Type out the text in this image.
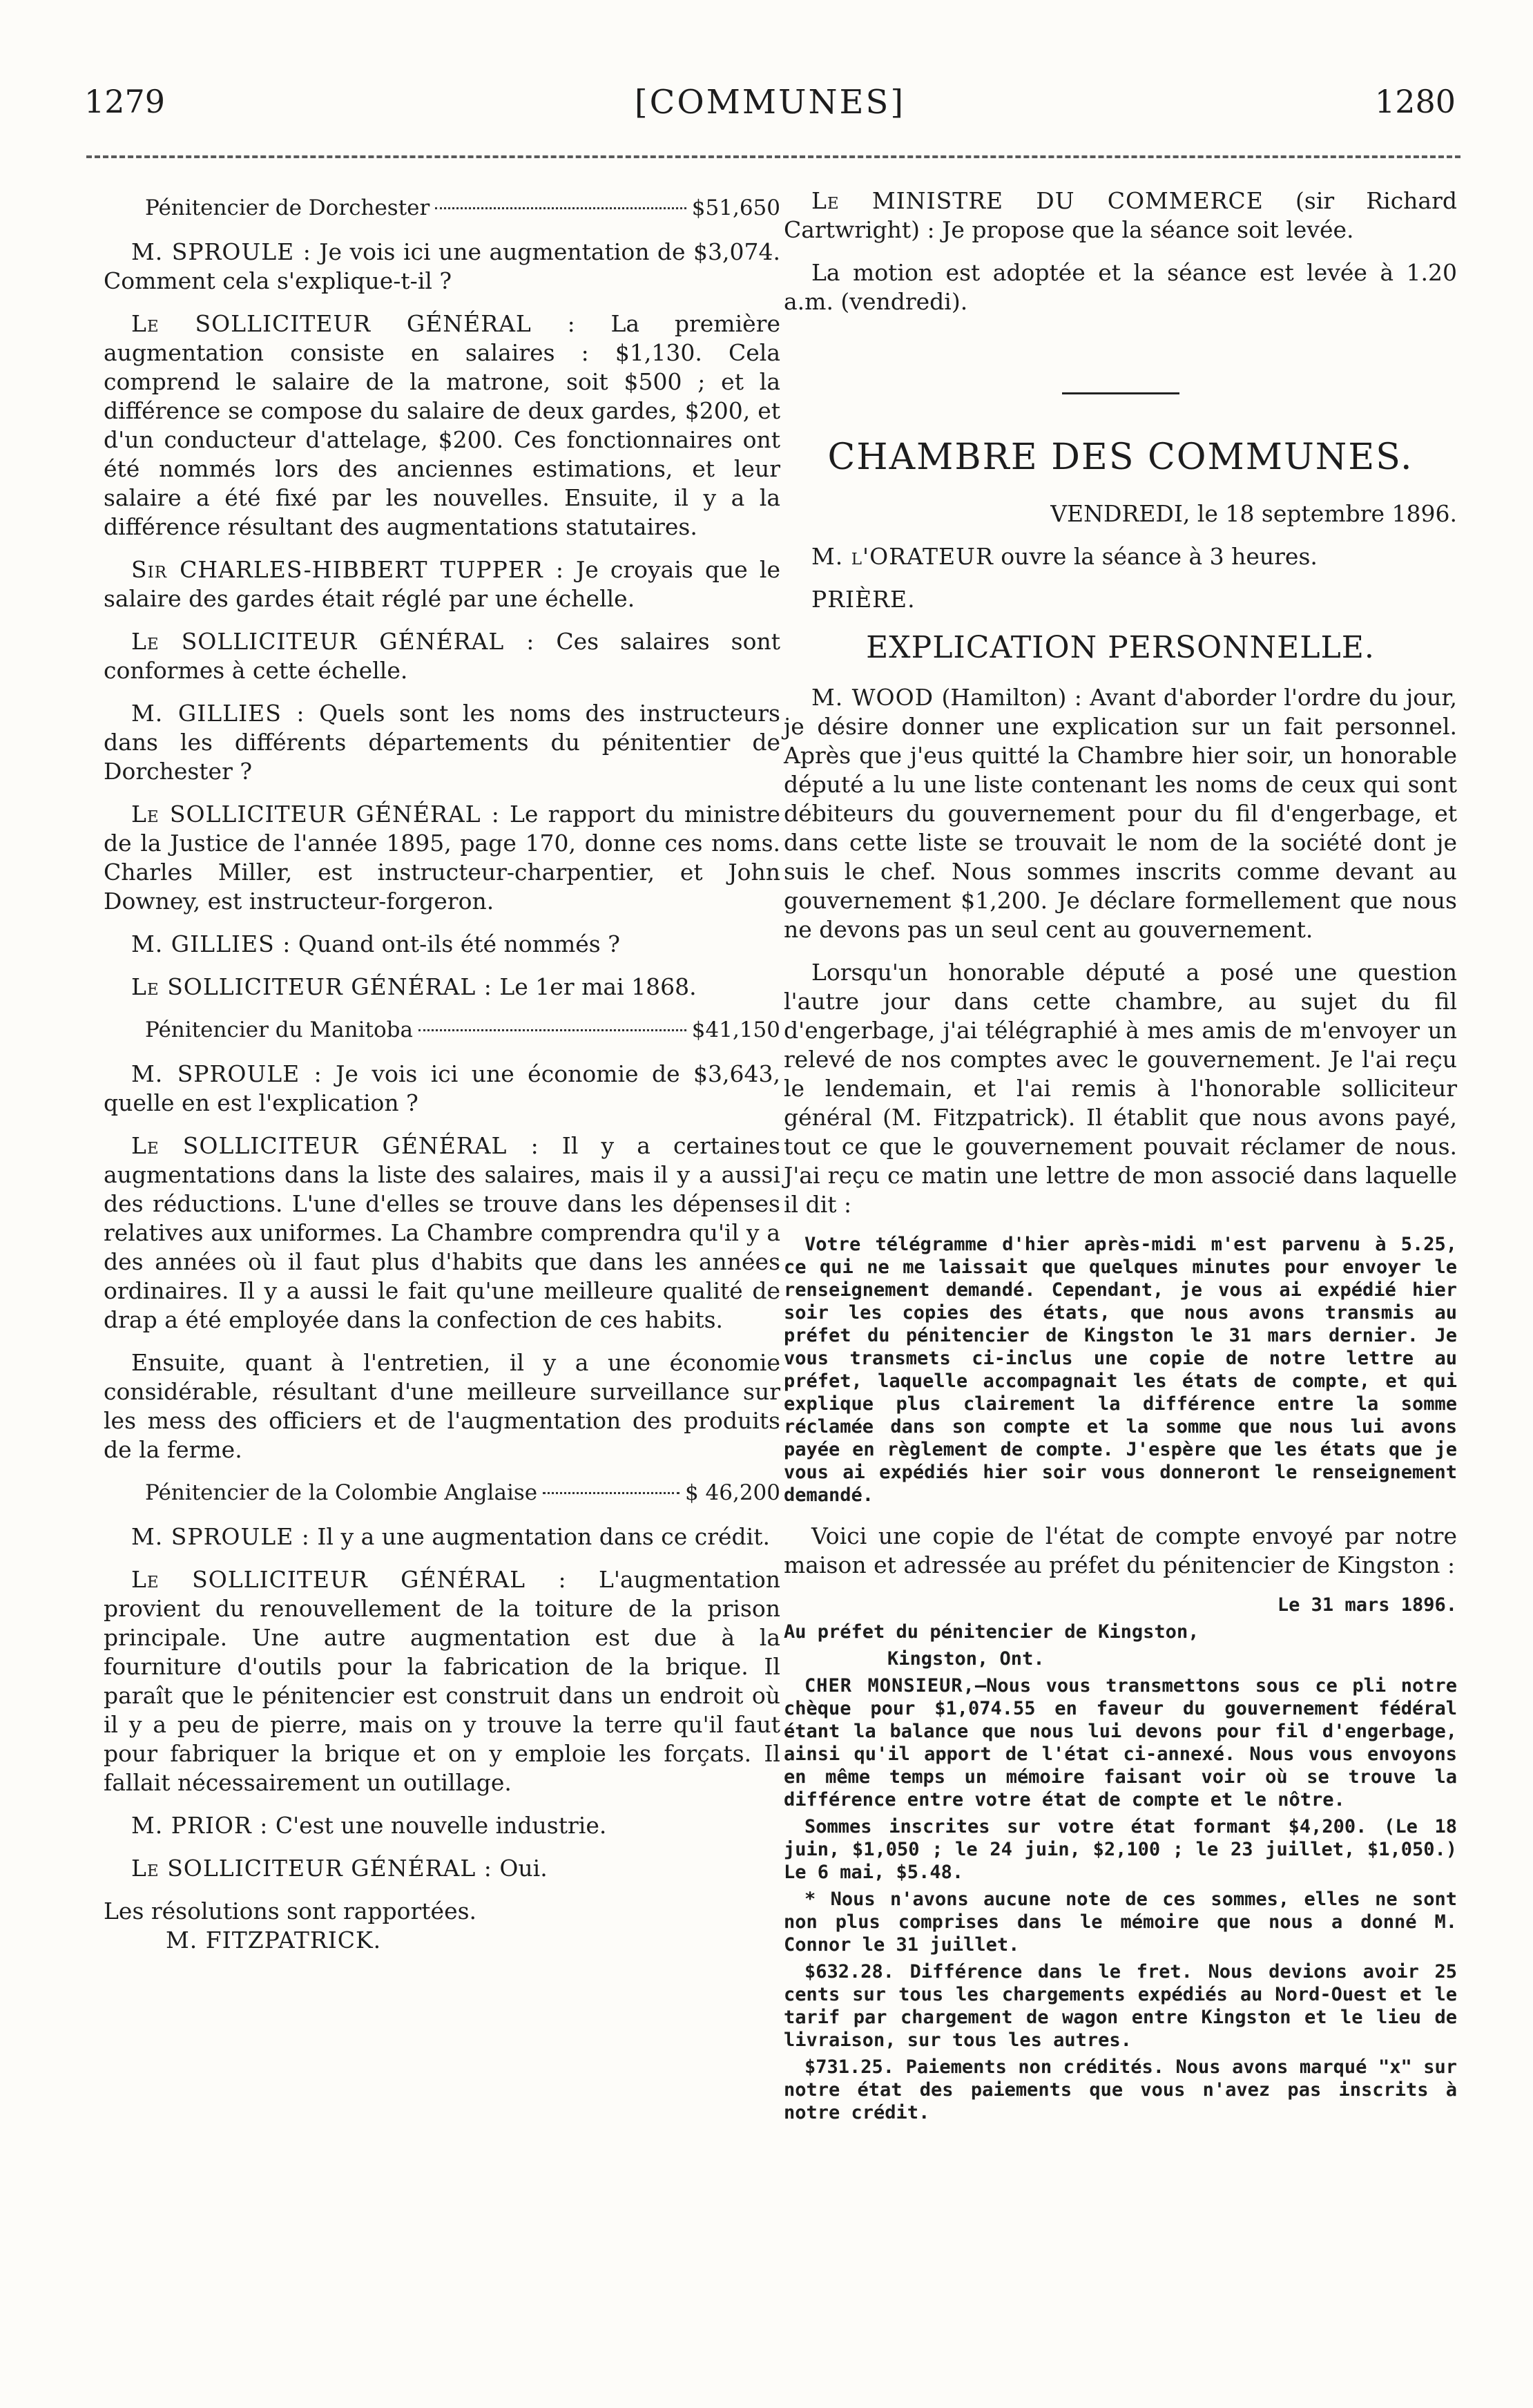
1279	[COMMUNES]	1280
Pénitencier de Dorchester	$51,650

M. SPROULE : Je vois ici une augmentation de $3,074. Comment cela s'explique-t-il ?

Le SOLLICITEUR GÉNÉRAL : La première augmentation consiste en salaires : $1,130. Cela comprend le salaire de la matrone, soit $500 ; et la différence se compose du salaire de deux gardes, $200, et d'un conducteur d'attelage, $200. Ces fonctionnaires ont été nommés lors des anciennes estimations, et leur salaire a été fixé par les nouvelles. Ensuite, il y a la différence résultant des augmentations statutaires.

Sir CHARLES-HIBBERT TUPPER : Je croyais que le salaire des gardes était réglé par une échelle.

Le SOLLICITEUR GÉNÉRAL : Ces salaires sont conformes à cette échelle.

M. GILLIES : Quels sont les noms des instructeurs dans les différents départements du pénitentier de Dorchester ?

Le SOLLICITEUR GÉNÉRAL : Le rapport du ministre de la Justice de l'année 1895, page 170, donne ces noms. Charles Miller, est instructeur-charpentier, et John Downey, est instructeur-forgeron.

M. GILLIES : Quand ont-ils été nommés ?

Le SOLLICITEUR GÉNÉRAL : Le 1er mai 1868.

Pénitencier du Manitoba	$41,150

M. SPROULE : Je vois ici une économie de $3,643, quelle en est l'explication ?

Le SOLLICITEUR GÉNÉRAL : Il y a certaines augmentations dans la liste des salaires, mais il y a aussi des réductions. L'une d'elles se trouve dans les dépenses relatives aux uniformes. La Chambre comprendra qu'il y a des années où il faut plus d'habits que dans les années ordinaires. Il y a aussi le fait qu'une meilleure qualité de drap a été employée dans la confection de ces habits.

Ensuite, quant à l'entretien, il y a une économie considérable, résultant d'une meilleure surveillance sur les mess des officiers et de l'augmentation des produits de la ferme.

Pénitencier de la Colombie Anglaise	$ 46,200

M. SPROULE : Il y a une augmentation dans ce crédit.

Le SOLLICITEUR GÉNÉRAL : L'augmentation provient du renouvellement de la toiture de la prison principale. Une autre augmentation est due à la fourniture d'outils pour la fabrication de la brique. Il paraît que le pénitencier est construit dans un endroit où il y a peu de pierre, mais on y trouve la terre qu'il faut pour fabriquer la brique et on y emploie les forçats. Il fallait nécessairement un outillage.

M. PRIOR : C'est une nouvelle industrie.

Le SOLLICITEUR GÉNÉRAL : Oui.

Les résolutions sont rapportées.
M. FITZPATRICK.

Le MINISTRE DU COMMERCE (sir Richard Cartwright) : Je propose que la séance soit levée.

La motion est adoptée et la séance est levée à 1.20 a.m. (vendredi).

CHAMBRE DES COMMUNES.

VENDREDI, le 18 septembre 1896.

M. l'ORATEUR ouvre la séance à 3 heures.

PRIÈRE.

EXPLICATION PERSONNELLE.

M. WOOD (Hamilton) : Avant d'aborder l'ordre du jour, je désire donner une explication sur un fait personnel. Après que j'eus quitté la Chambre hier soir, un honorable député a lu une liste contenant les noms de ceux qui sont débiteurs du gouvernement pour du fil d'engerbage, et dans cette liste se trouvait le nom de la société dont je suis le chef. Nous sommes inscrits comme devant au gouvernement $1,200. Je déclare formellement que nous ne devons pas un seul cent au gouvernement.

Lorsqu'un honorable député a posé une question l'autre jour dans cette chambre, au sujet du fil d'engerbage, j'ai télégraphié à mes amis de m'envoyer un relevé de nos comptes avec le gouvernement. Je l'ai reçu le lendemain, et l'ai remis à l'honorable solliciteur général (M. Fitzpatrick). Il établit que nous avons payé, tout ce que le gouvernement pouvait réclamer de nous. J'ai reçu ce matin une lettre de mon associé dans laquelle il dit :

Votre télégramme d'hier après-midi m'est parvenu à 5.25, ce qui ne me laissait que quelques minutes pour envoyer le renseignement demandé. Cependant, je vous ai expédié hier soir les copies des états, que nous avons transmis au préfet du pénitencier de Kingston le 31 mars dernier. Je vous transmets ci-inclus une copie de notre lettre au préfet, laquelle accompagnait les états de compte, et qui explique plus clairement la différence entre la somme réclamée dans son compte et la somme que nous lui avons payée en règlement de compte. J'espère que les états que je vous ai expédiés hier soir vous donneront le renseignement demandé.

Voici une copie de l'état de compte envoyé par notre maison et adressée au préfet du pénitencier de Kingston :

Le 31 mars 1896.

Au préfet du pénitencier de Kingston,

Kingston, Ont.

CHER MONSIEUR,—Nous vous transmettons sous ce pli notre chèque pour $1,074.55 en faveur du gouvernement fédéral étant la balance que nous lui devons pour fil d'engerbage, ainsi qu'il apport de l'état ci-annexé. Nous vous envoyons en même temps un mémoire faisant voir où se trouve la différence entre votre état de compte et le nôtre.

Sommes inscrites sur votre état formant $4,200. (Le 18 juin, $1,050 ; le 24 juin, $2,100 ; le 23 juillet, $1,050.) Le 6 mai, $5.48.

* Nous n'avons aucune note de ces sommes, elles ne sont non plus comprises dans le mémoire que nous a donné M. Connor le 31 juillet.

$632.28. Différence dans le fret. Nous devions avoir 25 cents sur tous les chargements expédiés au Nord-Ouest et le tarif par chargement de wagon entre Kingston et le lieu de livraison, sur tous les autres.

$731.25. Paiements non crédités. Nous avons marqué "x" sur notre état des paiements que vous n'avez pas inscrits à notre crédit.
